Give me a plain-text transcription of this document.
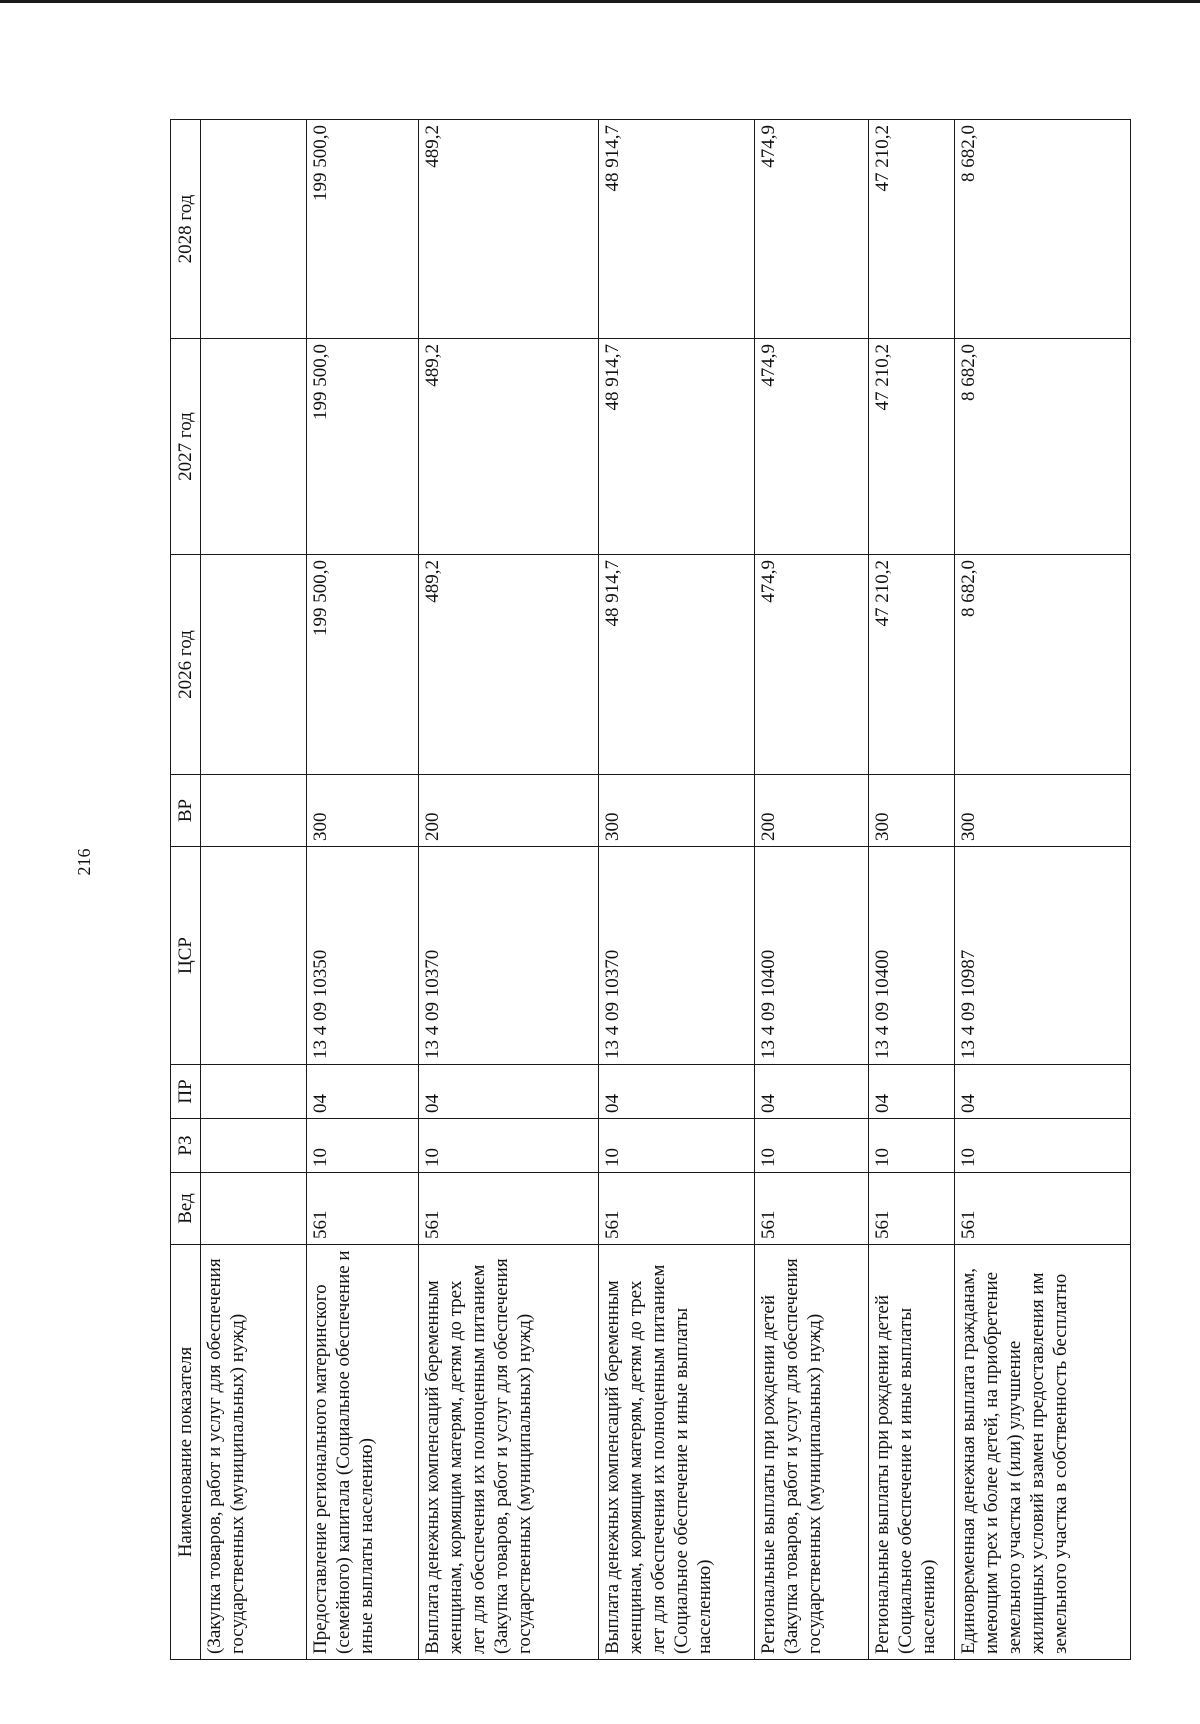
216
Наименование показателя	Вед	РЗ	ПР	ЦСР	ВР	2026 год	2027 год	2028 год
(Закупка товаров, работ и услуг для обеспечения государственных (муниципальных) нужд)								
Предоставление регионального материнского (семейного) капитала (Социальное обеспечение и иные выплаты населению)	561	10	04	13 4 09 10350	300	199 500,0	199 500,0	199 500,0
Выплата денежных компенсаций беременным женщинам, кормящим матерям, детям до трех лет для обеспечения их полноценным питанием (Закупка товаров, работ и услуг для обеспечения государственных (муниципальных) нужд)	561	10	04	13 4 09 10370	200	489,2	489,2	489,2
Выплата денежных компенсаций беременным женщинам, кормящим матерям, детям до трех лет для обеспечения их полноценным питанием (Социальное обеспечение и иные выплаты населению)	561	10	04	13 4 09 10370	300	48 914,7	48 914,7	48 914,7
Региональные выплаты при рождении детей (Закупка товаров, работ и услуг для обеспечения государственных (муниципальных) нужд)	561	10	04	13 4 09 10400	200	474,9	474,9	474,9
Региональные выплаты при рождении детей (Социальное обеспечение и иные выплаты населению)	561	10	04	13 4 09 10400	300	47 210,2	47 210,2	47 210,2
Единовременная денежная выплата гражданам, имеющим трех и более детей, на приобретение земельного участка и (или) улучшение жилищных условий взамен предоставления им земельного участка в собственность бесплатно	561	10	04	13 4 09 10987	300	8 682,0	8 682,0	8 682,0
